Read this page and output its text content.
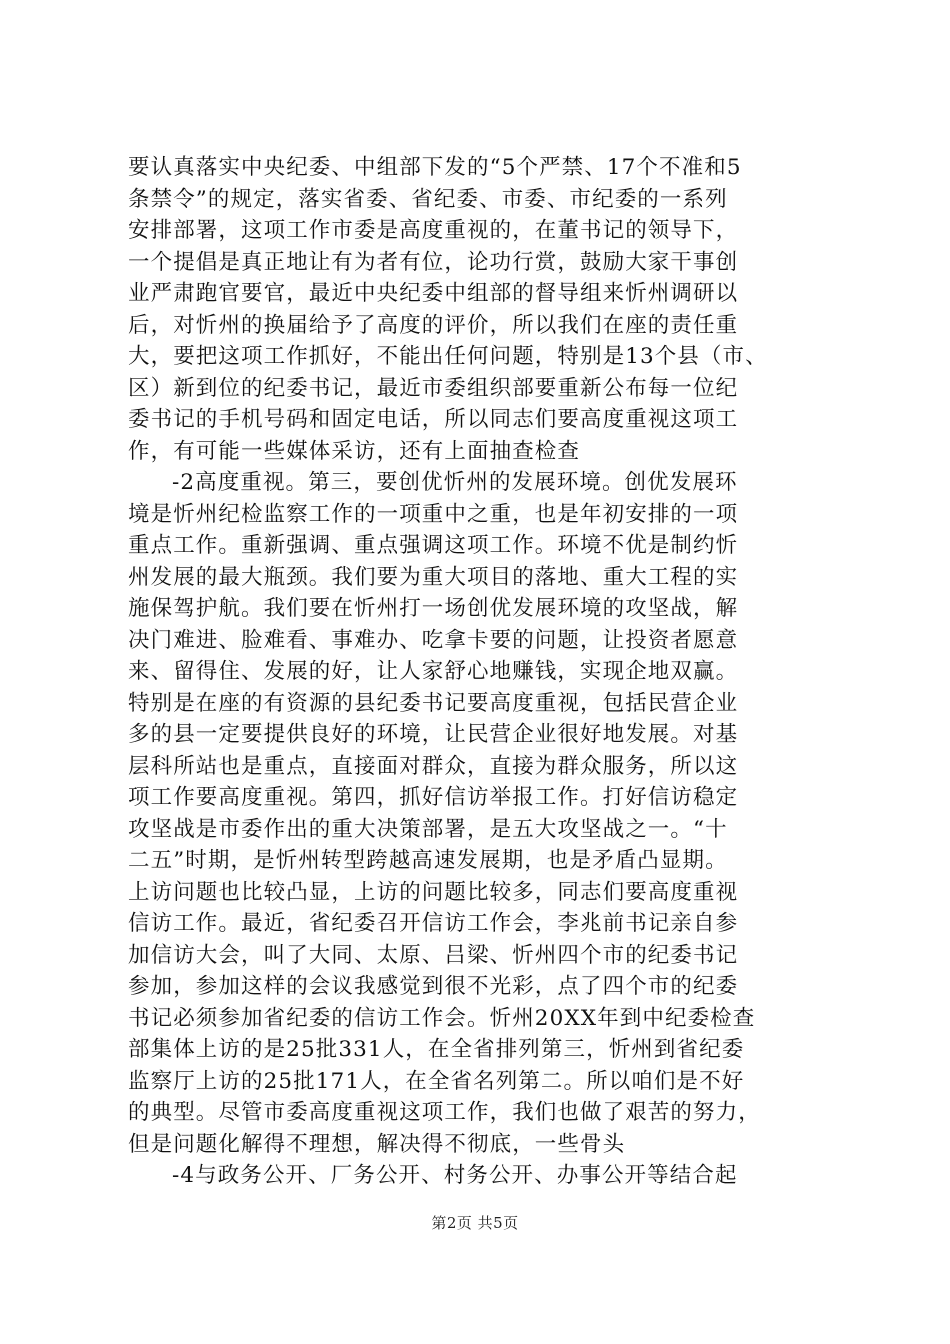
要认真落实中央纪委、中组部下发的“5个严禁、17个不准和5
条禁令”的规定，落实省委、省纪委、市委、市纪委的一系列
安排部署，这项工作市委是高度重视的，在董书记的领导下，
一个提倡是真正地让有为者有位，论功行赏，鼓励大家干事创
业严肃跑官要官，最近中央纪委中组部的督导组来忻州调研以
后，对忻州的换届给予了高度的评价，所以我们在座的责任重
大，要把这项工作抓好，不能出任何问题，特别是13个县（市、
区）新到位的纪委书记，最近市委组织部要重新公布每一位纪
委书记的手机号码和固定电话，所以同志们要高度重视这项工
作，有可能一些媒体采访，还有上面抽查检查
-2高度重视。第三，要创优忻州的发展环境。创优发展环
境是忻州纪检监察工作的一项重中之重，也是年初安排的一项
重点工作。重新强调、重点强调这项工作。环境不优是制约忻
州发展的最大瓶颈。我们要为重大项目的落地、重大工程的实
施保驾护航。我们要在忻州打一场创优发展环境的攻坚战，解
决门难进、脸难看、事难办、吃拿卡要的问题，让投资者愿意
来、留得住、发展的好，让人家舒心地赚钱，实现企地双赢。
特别是在座的有资源的县纪委书记要高度重视，包括民营企业
多的县一定要提供良好的环境，让民营企业很好地发展。对基
层科所站也是重点，直接面对群众，直接为群众服务，所以这
项工作要高度重视。第四，抓好信访举报工作。打好信访稳定
攻坚战是市委作出的重大决策部署，是五大攻坚战之一。“十
二五”时期，是忻州转型跨越高速发展期，也是矛盾凸显期。
上访问题也比较凸显，上访的问题比较多，同志们要高度重视
信访工作。最近，省纪委召开信访工作会，李兆前书记亲自参
加信访大会，叫了大同、太原、吕梁、忻州四个市的纪委书记
参加，参加这样的会议我感觉到很不光彩，点了四个市的纪委
书记必须参加省纪委的信访工作会。忻州20XX年到中纪委检查
部集体上访的是25批331人，在全省排列第三，忻州到省纪委
监察厅上访的25批171人，在全省名列第二。所以咱们是不好
的典型。尽管市委高度重视这项工作，我们也做了艰苦的努力，
但是问题化解得不理想，解决得不彻底，一些骨头
-4与政务公开、厂务公开、村务公开、办事公开等结合起
第2页 共5页
